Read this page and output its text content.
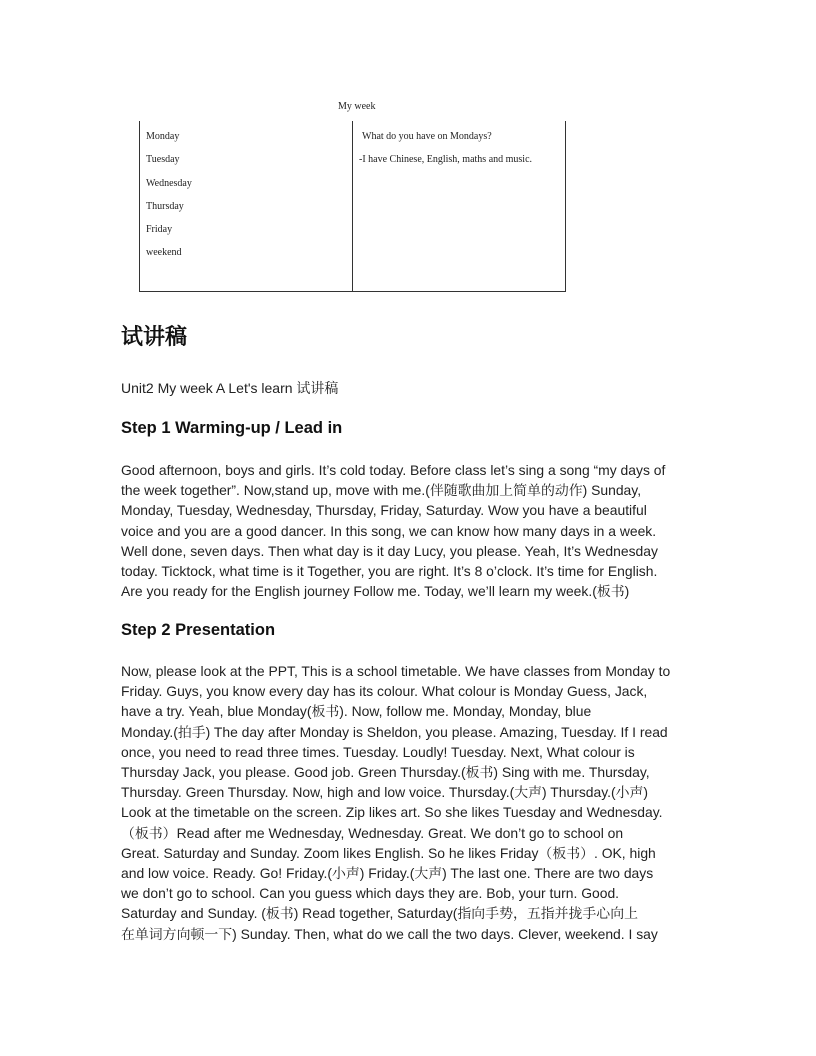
My week
Monday
Tuesday
Wednesday
Thursday
Friday
weekend
What do you have on Mondays?
-I have Chinese, English, maths and music.
试讲稿

Unit2 My week A Let's learn 试讲稿

Step 1 Warming-up / Lead in
Good afternoon, boys and girls. It’s cold today. Before class let’s sing a song “my days of
the week together”. Now,stand up, move with me.(伴随歌曲加上简单的动作) Sunday,
Monday, Tuesday, Wednesday, Thursday, Friday, Saturday. Wow you have a beautiful
voice and you are a good dancer. In this song, we can know how many days in a week.
Well done, seven days. Then what day is it day Lucy, you please. Yeah, It’s Wednesday
today. Ticktock, what time is it Together, you are right. It’s 8 o’clock. It’s time for English.
Are you ready for the English journey Follow me. Today, we’ll learn my week.(板书)
Step 2 Presentation
Now, please look at the PPT, This is a school timetable. We have classes from Monday to
Friday. Guys, you know every day has its colour. What colour is Monday Guess, Jack,
have a try. Yeah, blue Monday(板书). Now, follow me. Monday, Monday, blue
Monday.(拍手) The day after Monday is Sheldon, you please. Amazing, Tuesday. If I read
once, you need to read three times. Tuesday. Loudly! Tuesday. Next, What colour is
Thursday Jack, you please. Good job. Green Thursday.(板书) Sing with me. Thursday,
Thursday. Green Thursday. Now, high and low voice. Thursday.(大声) Thursday.(小声)
Look at the timetable on the screen. Zip likes art. So she likes Tuesday and Wednesday.
（板书）Read after me Wednesday, Wednesday. Great. We don’t go to school on
Great. Saturday and Sunday. Zoom likes English. So he likes Friday（板书）. OK, high
and low voice. Ready. Go! Friday.(小声) Friday.(大声) The last one. There are two days
we don’t go to school. Can you guess which days they are. Bob, your turn. Good.
Saturday and Sunday. (板书) Read together, Saturday(指向手势，五指并拢手心向上
在单词方向顿一下) Sunday. Then, what do we call the two days. Clever, weekend. I say
